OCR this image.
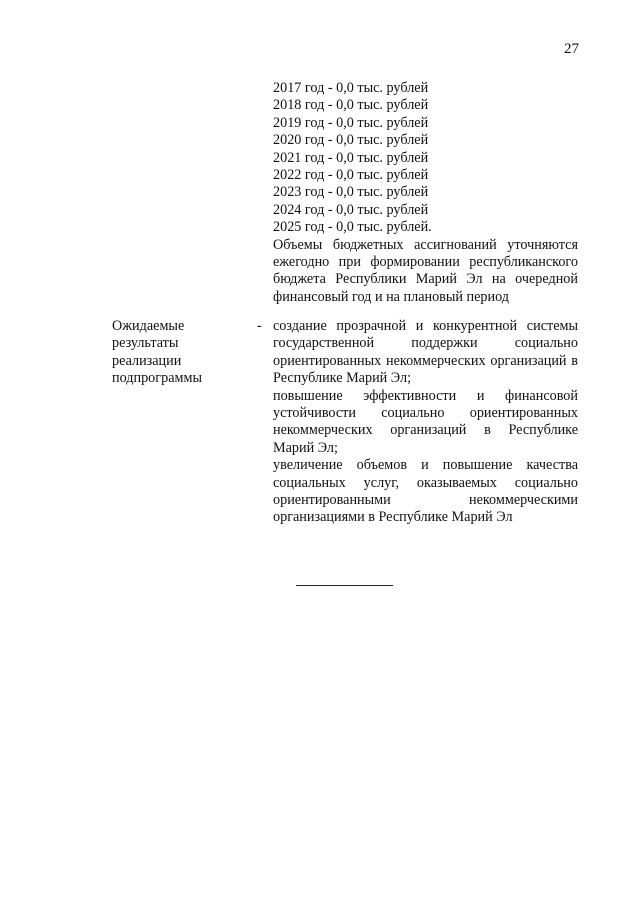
27
2017 год - 0,0 тыс. рублей
2018 год - 0,0 тыс. рублей
2019 год - 0,0 тыс. рублей
2020 год - 0,0 тыс. рублей
2021 год - 0,0 тыс. рублей
2022 год - 0,0 тыс. рублей
2023 год - 0,0 тыс. рублей
2024 год - 0,0 тыс. рублей
2025 год - 0,0 тыс. рублей.
Объемы бюджетных ассигнований уточняются ежегодно при формировании республиканского бюджета Республики Марий Эл на очередной финансовый год и на плановый период
Ожидаемые результаты реализации подпрограммы
- создание прозрачной и конкурентной системы государственной поддержки социально ориентированных некоммерческих организаций в Республике Марий Эл;

повышение эффективности и финансовой устойчивости социально ориентированных некоммерческих организаций в Республике Марий Эл;

увеличение объемов и повышение качества социальных услуг, оказываемых социально ориентированными некоммерческими организациями в Республике Марий Эл
